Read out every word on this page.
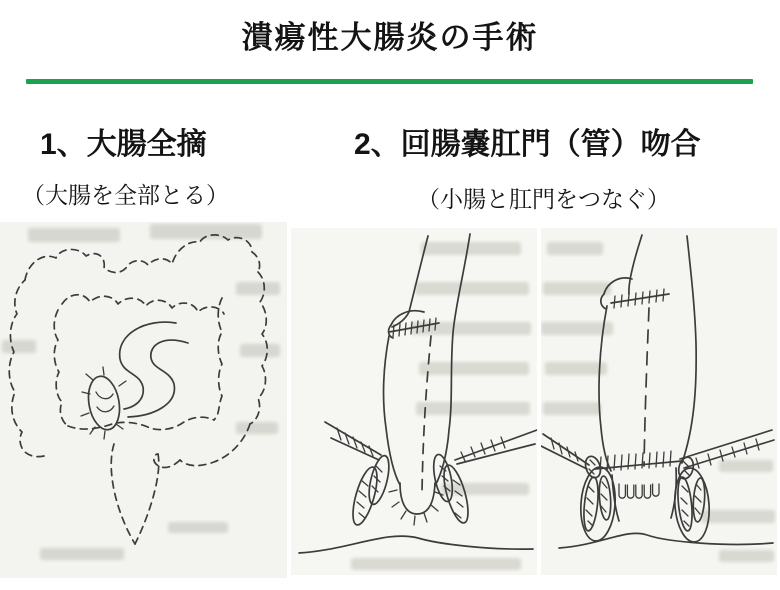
潰瘍性大腸炎の手術
1、大腸全摘

（大腸を全部とる）

2、回腸嚢肛門（管）吻合

（小腸と肛門をつなぐ）
